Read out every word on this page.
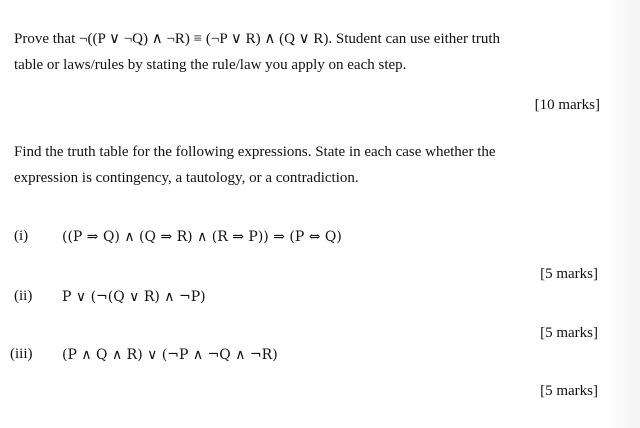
Prove that ¬((P ∨ ¬Q) ∧ ¬R) ≡ (¬P ∨ R) ∧ (Q ∨ R). Student can use either truth
table or laws/rules by stating the rule/law you apply on each step.
[10 marks]
Find the truth table for the following expressions. State in each case whether the
expression is contingency, a tautology, or a contradiction.
(i) ((P ⇒ Q) ∧ (Q ⇒ R) ∧ (R ⇒ P)) ⇒ (P ⇔ Q)
[5 marks]
(ii) P ∨ (¬(Q ∨ R) ∧ ¬P)
[5 marks]
(iii) (P ∧ Q ∧ R) ∨ (¬P ∧ ¬Q ∧ ¬R)
[5 marks]
